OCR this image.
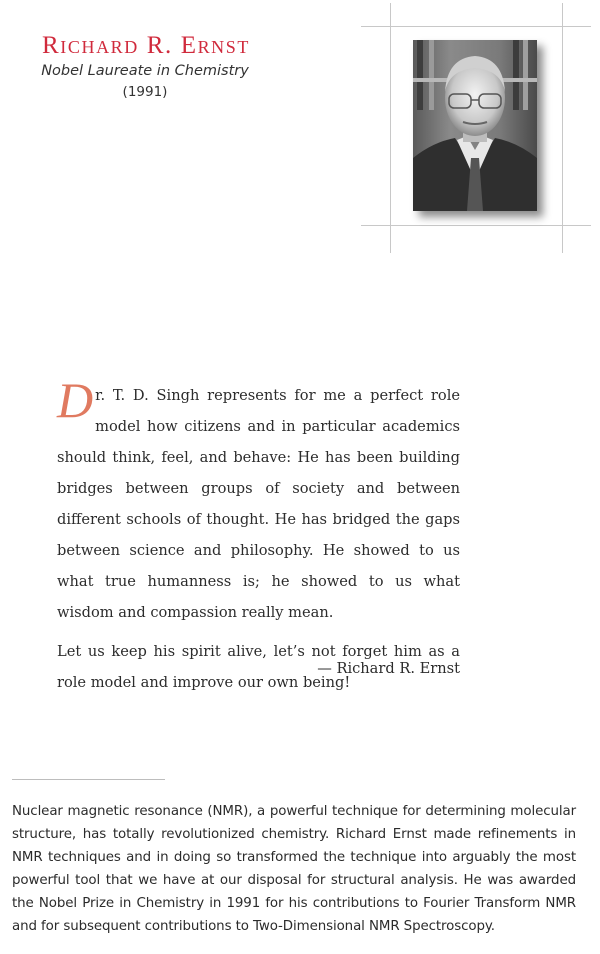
Richard R. Ernst
Nobel Laureate in Chemistry
(1991)

Dr. T. D. Singh represents for me a perfect role model how citizens and in particular academics should think, feel, and behave: He has been building bridges between groups of society and between different schools of thought. He has bridged the gaps between science and philosophy. He showed to us what true humanness is; he showed to us what wisdom and compassion really mean.

Let us keep his spirit alive, let’s not forget him as a role model and improve our own being!

— Richard R. Ernst
Nuclear magnetic resonance (NMR), a powerful technique for determining molecular structure, has totally revolutionized chemistry. Richard Ernst made refinements in NMR techniques and in doing so transformed the technique into arguably the most powerful tool that we have at our disposal for structural analysis. He was awarded the Nobel Prize in Chemistry in 1991 for his contributions to Fourier Transform NMR and for subsequent contributions to Two-Dimensional NMR Spectroscopy.
